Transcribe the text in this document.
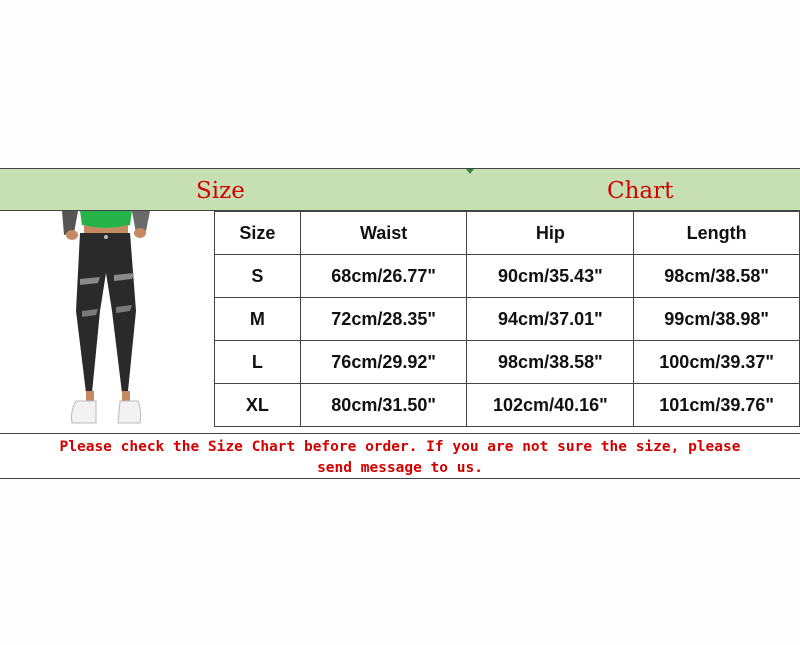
Size	Chart
Size	Waist	Hip	Length
S	68cm/26.77"	90cm/35.43"	98cm/38.58"
M	72cm/28.35"	94cm/37.01"	99cm/38.98"
L	76cm/29.92"	98cm/38.58"	100cm/39.37"
XL	80cm/31.50"	102cm/40.16"	101cm/39.76"
Please check the Size Chart before order. If you are not sure the size, please
send message to us.
